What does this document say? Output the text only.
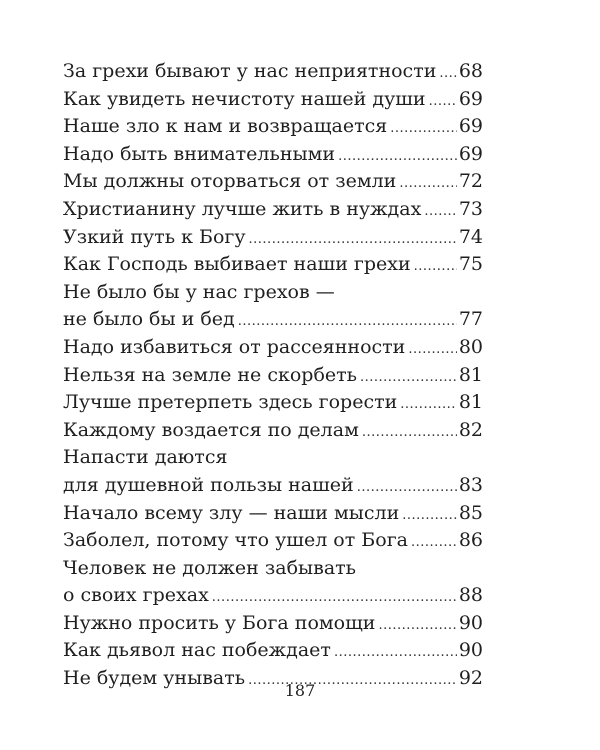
За грехи бывают у нас неприятности ..... 68
Как увидеть нечистоту нашей души ..... 69
Наше зло к нам и возвращается .....	69
Надо быть внимательными .....	69
Мы должны оторваться от земли .....	72
Христианину лучше жить в нуждах ..... 73
Узкий путь к Богу .....	74
Как Господь выбивает наши грехи .....	75
Не было бы у нас грехов —
не было бы и бед .....	77
Надо избавиться от рассеянности .....	80
Нельзя на земле не скорбеть .....	81
Лучше претерпеть здесь горести .....	81
Каждому воздается по делам .....	82
Напасти даются
для душевной пользы нашей .....	83
Начало всему злу — наши мысли .....	85
Заболел, потому что ушел от Бога .....	86
Человек не должен забывать
о своих грехах .....	88
Нужно просить у Бога помощи .....	90
Как дьявол нас побеждает .....	90
Не будем унывать .....	92
187
